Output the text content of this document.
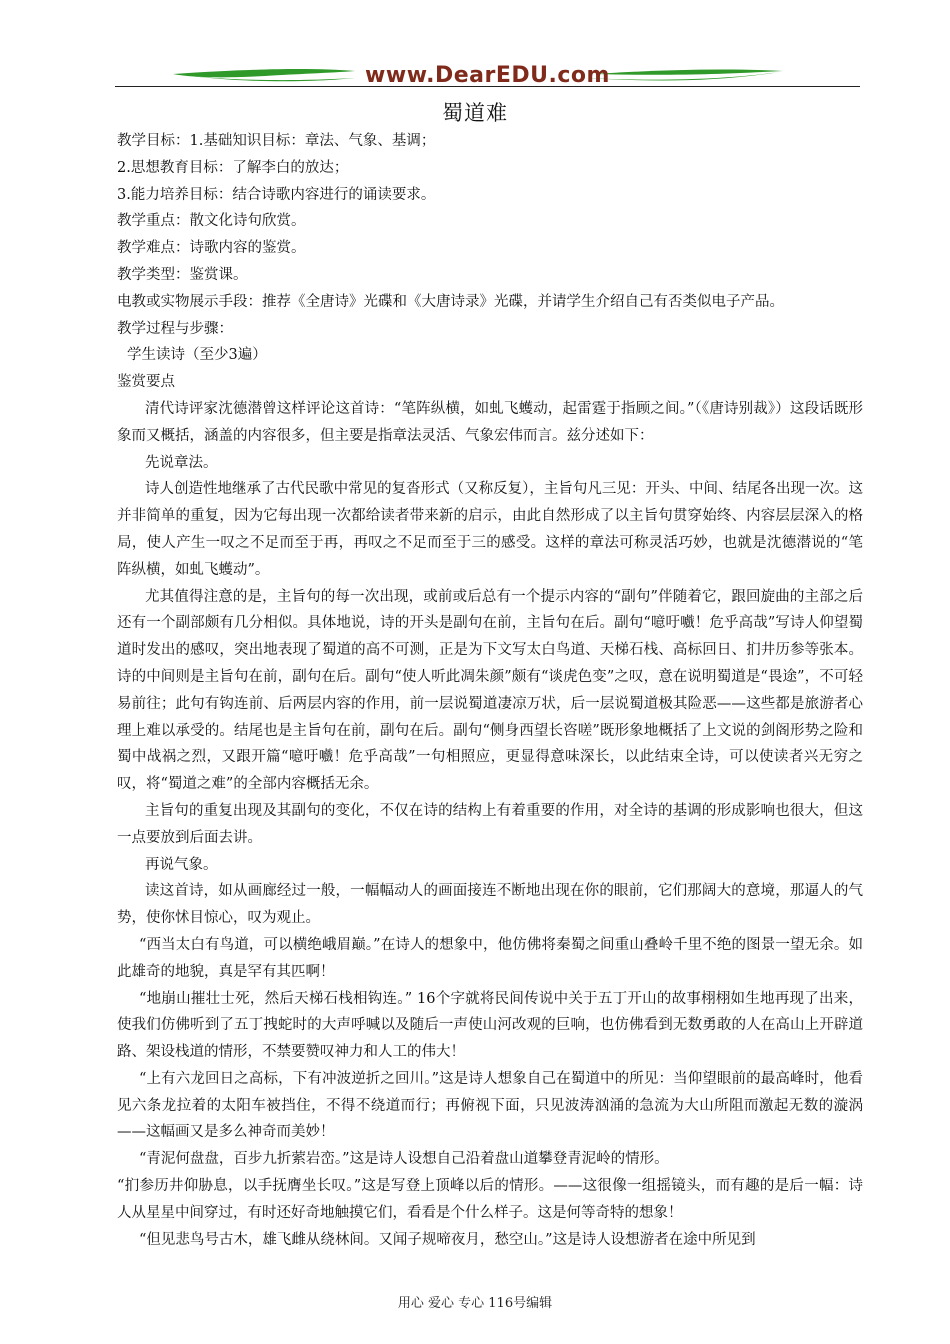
www.DearEDU.com
蜀道难

教学目标：1.基础知识目标：章法、气象、基调；

2.思想教育目标：了解李白的放达；

3.能力培养目标：结合诗歌内容进行的诵读要求。

教学重点：散文化诗句欣赏。

教学难点：诗歌内容的鉴赏。

教学类型：鉴赏课。

电教或实物展示手段：推荐《全唐诗》光碟和《大唐诗录》光碟，并请学生介绍自己有否类似电子产品。

教学过程与步骤：

学生读诗（至少3遍）

鉴赏要点

清代诗评家沈德潜曾这样评论这首诗：“笔阵纵横，如虬飞蠖动，起雷霆于指顾之间。”（《唐诗别裁》）这段话既形象而又概括，涵盖的内容很多，但主要是指章法灵活、气象宏伟而言。兹分述如下：

先说章法。

诗人创造性地继承了古代民歌中常见的复沓形式（又称反复），主旨句凡三见：开头、中间、结尾各出现一次。这并非简单的重复，因为它每出现一次都给读者带来新的启示，由此自然形成了以主旨句贯穿始终、内容层层深入的格局，使人产生一叹之不足而至于再，再叹之不足而至于三的感受。这样的章法可称灵活巧妙，也就是沈德潜说的“笔阵纵横，如虬飞蠖动”。

尤其值得注意的是，主旨句的每一次出现，或前或后总有一个提示内容的“副句”伴随着它，跟回旋曲的主部之后还有一个副部颇有几分相似。具体地说，诗的开头是副句在前，主旨句在后。副句“噫吁嚱！危乎高哉”写诗人仰望蜀道时发出的感叹，突出地表现了蜀道的高不可测，正是为下文写太白鸟道、天梯石栈、高标回日、扪井历参等张本。诗的中间则是主旨句在前，副句在后。副句“使人听此凋朱颜”颇有“谈虎色变”之叹，意在说明蜀道是“畏途”，不可轻易前往；此句有钩连前、后两层内容的作用，前一层说蜀道凄凉万状，后一层说蜀道极其险恶——这些都是旅游者心理上难以承受的。结尾也是主旨句在前，副句在后。副句“侧身西望长咨嗟”既形象地概括了上文说的剑阁形势之险和蜀中战祸之烈，又跟开篇“噫吁嚱！危乎高哉”一句相照应，更显得意味深长，以此结束全诗，可以使读者兴无穷之叹，将“蜀道之难”的全部内容概括无余。

主旨句的重复出现及其副句的变化，不仅在诗的结构上有着重要的作用，对全诗的基调的形成影响也很大，但这一点要放到后面去讲。

再说气象。

读这首诗，如从画廊经过一般，一幅幅动人的画面接连不断地出现在你的眼前，它们那阔大的意境，那逼人的气势，使你怵目惊心，叹为观止。

“西当太白有鸟道，可以横绝峨眉巅。”在诗人的想象中，他仿佛将秦蜀之间重山叠岭千里不绝的图景一望无余。如此雄奇的地貌，真是罕有其匹啊！

“地崩山摧壮士死，然后天梯石栈相钩连。” 16个字就将民间传说中关于五丁开山的故事栩栩如生地再现了出来，使我们仿佛听到了五丁拽蛇时的大声呼喊以及随后一声使山河改观的巨响，也仿佛看到无数勇敢的人在高山上开辟道路、架设栈道的情形，不禁要赞叹神力和人工的伟大！

“上有六龙回日之高标，下有冲波逆折之回川。”这是诗人想象自己在蜀道中的所见：当仰望眼前的最高峰时，他看见六条龙拉着的太阳车被挡住，不得不绕道而行；再俯视下面，只见波涛汹涌的急流为大山所阻而激起无数的漩涡——这幅画又是多么神奇而美妙！

“青泥何盘盘，百步九折萦岩峦。”这是诗人设想自己沿着盘山道攀登青泥岭的情形。

“扪参历井仰胁息，以手抚膺坐长叹。”这是写登上顶峰以后的情形。——这很像一组摇镜头，而有趣的是后一幅：诗人从星星中间穿过，有时还好奇地触摸它们，看看是个什么样子。这是何等奇特的想象！

“但见悲鸟号古木，雄飞雌从绕林间。又闻子规啼夜月，愁空山。”这是诗人设想游者在途中所见到

用心 爱心 专心 116号编辑
